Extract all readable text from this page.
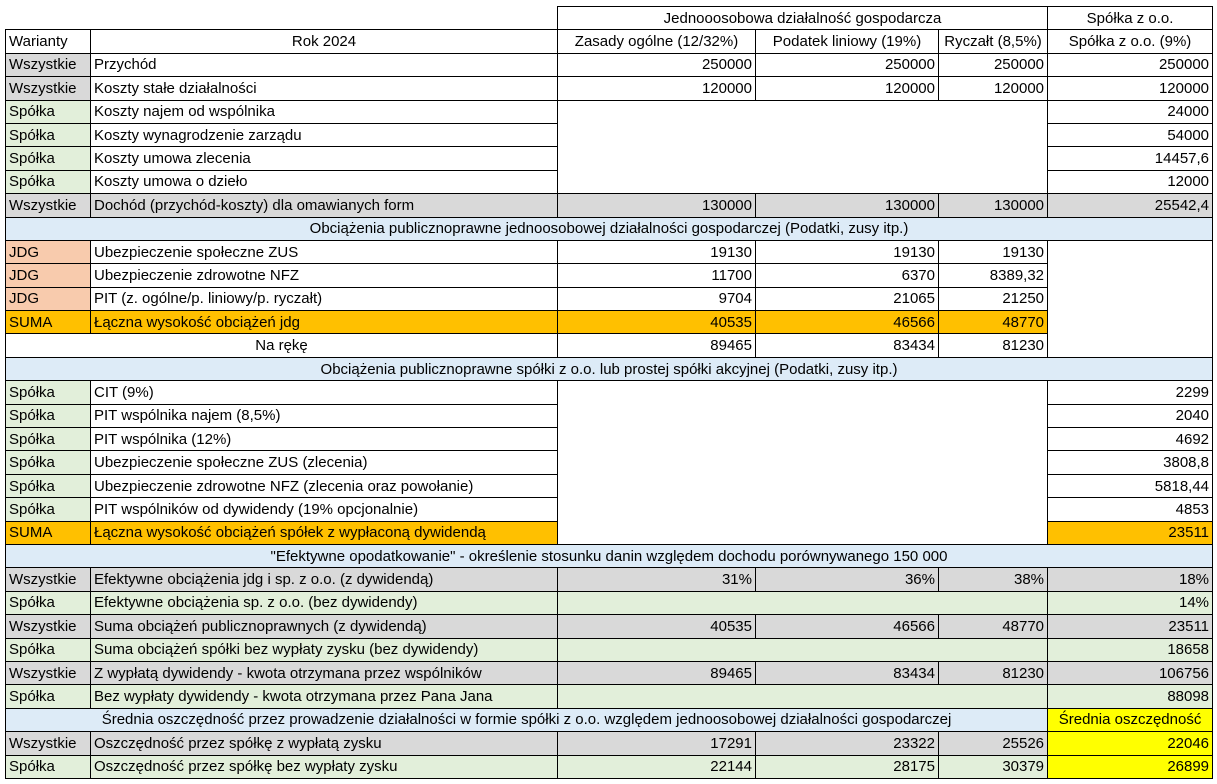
		Jednooosobowa działalność gospodarcza			Spółka z o.o.
Warianty	Rok 2024	Zasady ogólne (12/32%)	Podatek liniowy (19%)	Ryczałt (8,5%)	Spółka z o.o. (9%)
Wszystkie	Przychód	250000	250000	250000	250000
Wszystkie	Koszty stałe działalności	120000	120000	120000	120000
Spółka	Koszty najem od wspólnika				24000
Spółka	Koszty wynagrodzenie zarządu				54000
Spółka	Koszty umowa zlecenia				14457,6
Spółka	Koszty umowa o dzieło				12000
Wszystkie	Dochód (przychód-koszty) dla omawianych form	130000	130000	130000	25542,4
Obciążenia publicznoprawne jednoosobowej działalności gospodarczej (Podatki, zusy itp.)					
JDG	Ubezpieczenie społeczne ZUS	19130	19130	19130	
JDG	Ubezpieczenie zdrowotne NFZ	11700	6370	8389,32	
JDG	PIT (z. ogólne/p. liniowy/p. ryczałt)	9704	21065	21250	
SUMA	Łączna wysokość obciążeń jdg	40535	46566	48770	
Na rękę		89465	83434	81230	
Obciążenia publicznoprawne spółki z o.o. lub prostej spółki akcyjnej (Podatki, zusy itp.)					
Spółka	CIT (9%)				2299
Spółka	PIT wspólnika najem (8,5%)				2040
Spółka	PIT wspólnika (12%)				4692
Spółka	Ubezpieczenie społeczne ZUS (zlecenia)				3808,8
Spółka	Ubezpieczenie zdrowotne NFZ (zlecenia oraz powołanie)				5818,44
Spółka	PIT wspólników od dywidendy (19% opcjonalnie)				4853
SUMA	Łączna wysokość obciążeń spółek z wypłaconą dywidendą				23511
"Efektywne opodatkowanie" - określenie stosunku danin względem dochodu porównywanego 150 000					
Wszystkie	Efektywne obciążenia jdg i sp. z o.o. (z dywidendą)	31%	36%	38%	18%
Spółka	Efektywne obciążenia sp. z o.o. (bez dywidendy)				14%
Wszystkie	Suma obciążeń publicznoprawnych (z dywidendą)	40535	46566	48770	23511
Spółka	Suma obciążeń spółki bez wypłaty zysku (bez dywidendy)				18658
Wszystkie	Z wypłatą dywidendy - kwota otrzymana przez wspólników	89465	83434	81230	106756
Spółka	Bez wypłaty dywidendy - kwota otrzymana przez Pana Jana				88098
Średnia oszczędność przez prowadzenie działalności w formie spółki z o.o. względem jednoosobowej działalności gospodarczej					Średnia oszczędność
Wszystkie	Oszczędność przez spółkę z wypłatą zysku	17291	23322	25526	22046
Spółka	Oszczędność przez spółkę bez wypłaty zysku	22144	28175	30379	26899
